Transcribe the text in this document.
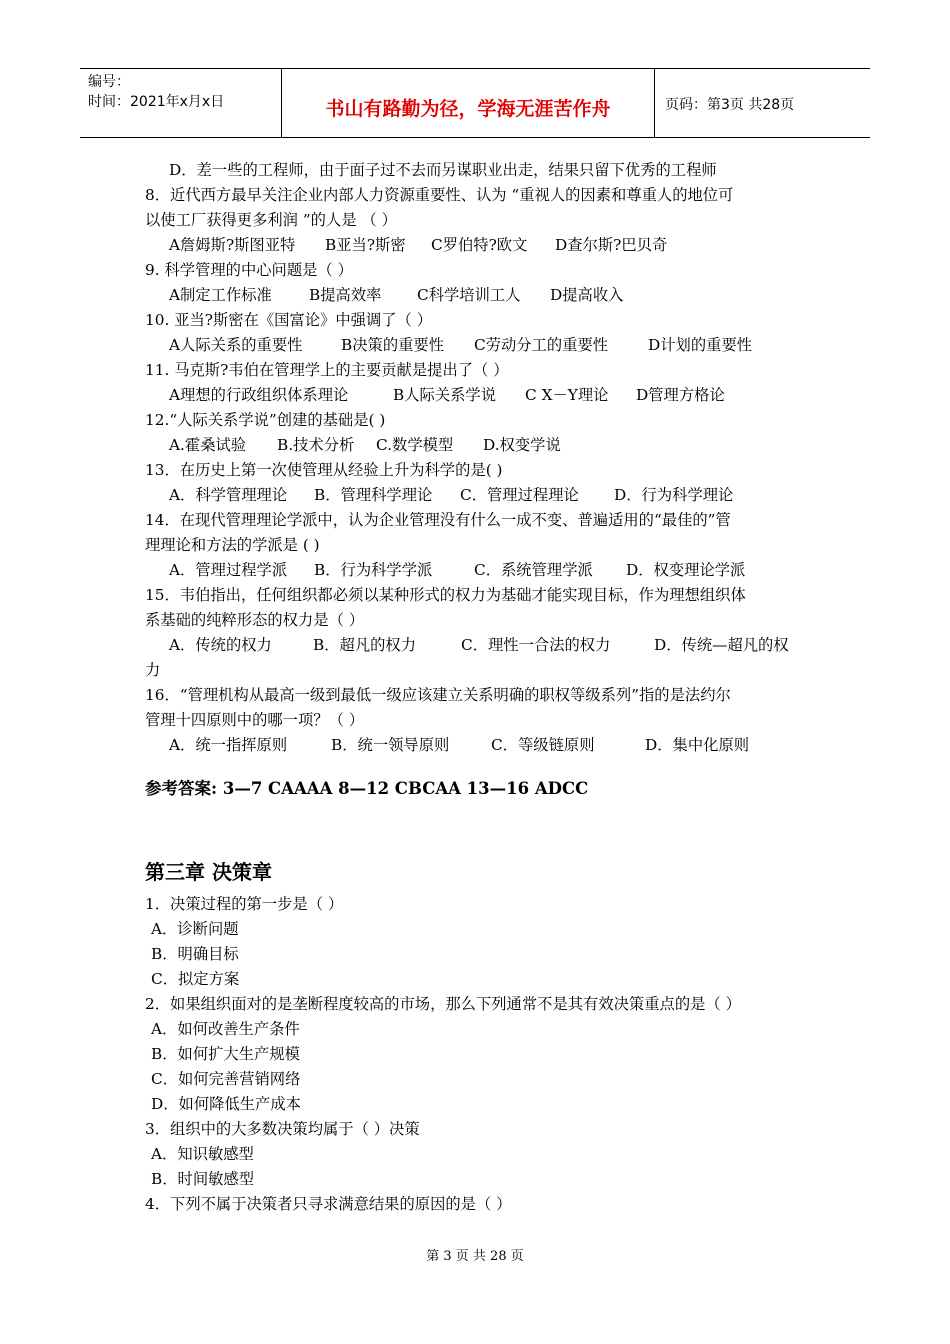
编号：
时间：2021年x月x日	书山有路勤为径，学海无涯苦作舟	页码：第3页 共28页
D．差一些的工程师，由于面子过不去而另谋职业出走，结果只留下优秀的工程师
8．近代西方最早关注企业内部人力资源重要性、认为 “重视人的因素和尊重人的地位可
以使工厂获得更多利润 ”的人是 （ ）
A詹姆斯?斯图亚特 B亚当?斯密 C罗伯特?欧文 D查尔斯?巴贝奇
9. 科学管理的中心问题是（ ）
A制定工作标准 B提高效率 C科学培训工人 D提高收入
10. 亚当?斯密在《国富论》中强调了（ ）
A人际关系的重要性	B决策的重要性 C劳动分工的重要性	D计划的重要性
11. 马克斯?韦伯在管理学上的主要贡献是提出了（ ）
A理想的行政组织体系理论	B人际关系学说 C X－Y理论 D管理方格论
12.“人际关系学说”创建的基础是( )
A.霍桑试验 B.技术分析 C.数学模型 D.权变学说
13．在历史上第一次使管理从经验上升为科学的是( )
A．科学管理理论 B．管理科学理论 C．管理过程理论 D．行为科学理论
14．在现代管理理论学派中，认为企业管理没有什么一成不变、普遍适用的“最佳的”管
理理论和方法的学派是 ( )
A．管理过程学派 B．行为科学学派	C．系统管理学派 D．权变理论学派
15．韦伯指出，任何组织都必须以某种形式的权力为基础才能实现目标，作为理想组织体
系基础的纯粹形态的权力是（ ）
A．传统的权力	B．超凡的权力	C．理性一合法的权力	D．传统—超凡的权
力
16．“管理机构从最高一级到最低一级应该建立关系明确的职权等级系列”指的是法约尔
管理十四原则中的哪一项？（ ）
A．统一指挥原则	B．统一领导原则	C．等级链原则	D．集中化原则
参考答案: 3—7 CAAAA 8—12 CBCAA 13—16 ADCC
第三章 决策章
1．决策过程的第一步是（ ）
A．诊断问题
B．明确目标
C．拟定方案
2．如果组织面对的是垄断程度较高的市场，那么下列通常不是其有效决策重点的是（ ）
A．如何改善生产条件
B．如何扩大生产规模
C．如何完善营销网络
D．如何降低生产成本
3．组织中的大多数决策均属于（ ）决策
A．知识敏感型
B．时间敏感型
4．下列不属于决策者只寻求满意结果的原因的是（ ）
第 3 页 共 28 页
